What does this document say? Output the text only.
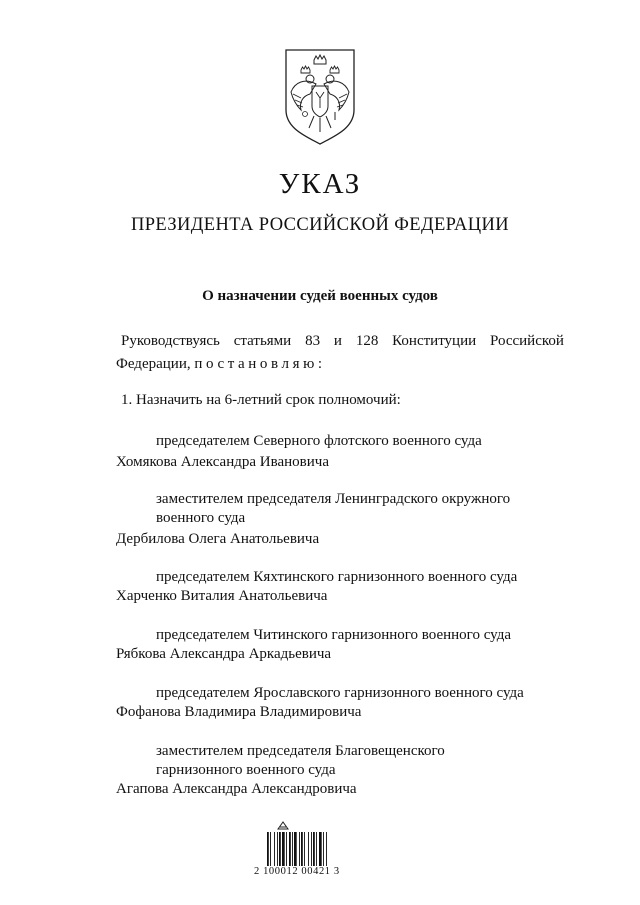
УКАЗ
ПРЕЗИДЕНТА РОССИЙСКОЙ ФЕДЕРАЦИИ
О назначении судей военных судов
Руководствуясь статьями 83 и 128 Конституции Российской
Федерации, постановляю:
1. Назначить на 6-летний срок полномочий:
председателем Северного флотского военного суда
Хомякова Александра Ивановича
заместителем председателя Ленинградского окружного
военного суда
Дербилова Олега Анатольевича
председателем Кяхтинского гарнизонного военного суда
Харченко Виталия Анатольевича
председателем Читинского гарнизонного военного суда
Рябкова Александра Аркадьевича
председателем Ярославского гарнизонного военного суда
Фофанова Владимира Владимировича
заместителем председателя Благовещенского
гарнизонного военного суда
Агапова Александра Александровича
2 100012 00421 3
